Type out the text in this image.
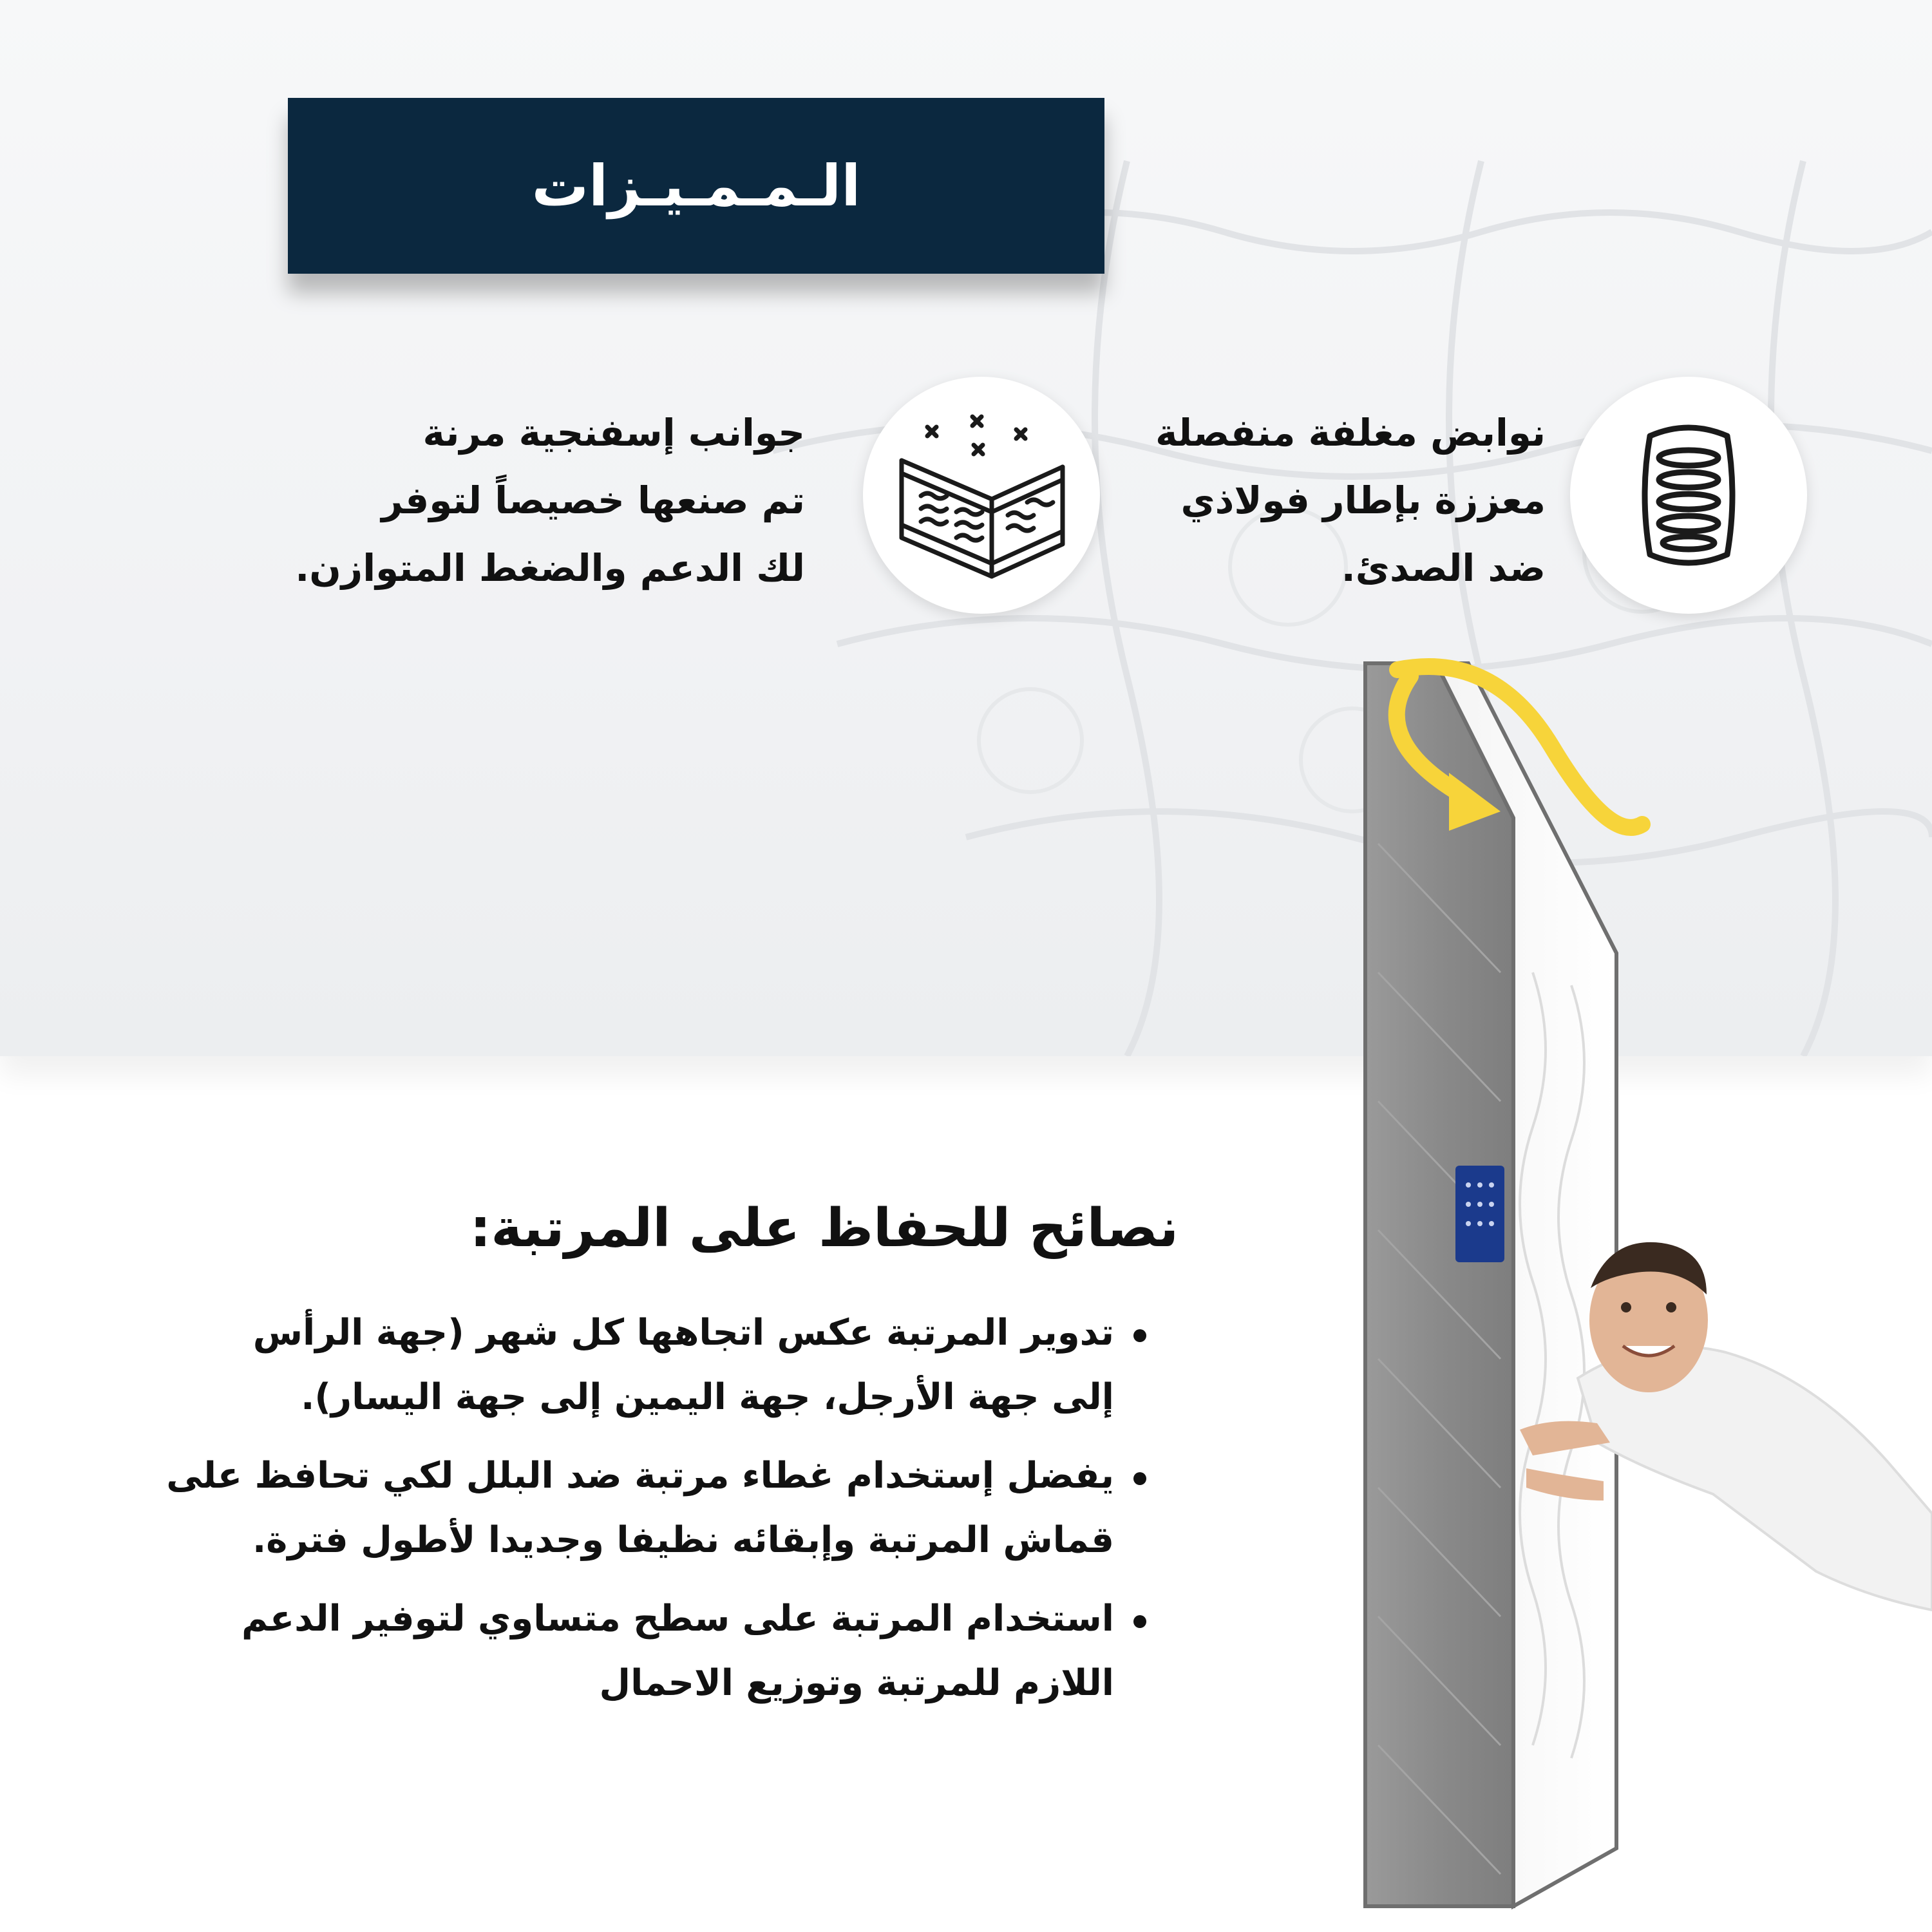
الـمـمـيـزات
نوابض مغلفة منفصلة
معززة بإطار فولاذي
ضد الصدئ.
جوانب إسفنجية مرنة
تم صنعها خصيصاً لتوفر
لك الدعم والضغط المتوازن.
نصائح للحفاظ على المرتبة:
تدوير المرتبة عكس اتجاهها كل شهر (جهة الرأس
إلى جهة الأرجل، جهة اليمين إلى جهة اليسار).
يفضل إستخدام غطاء مرتبة ضد البلل لكي تحافظ على
قماش المرتبة وإبقائه نظيفا وجديدا لأطول فترة.
استخدام المرتبة على سطح متساوي لتوفير الدعم
اللازم للمرتبة وتوزيع الاحمال
